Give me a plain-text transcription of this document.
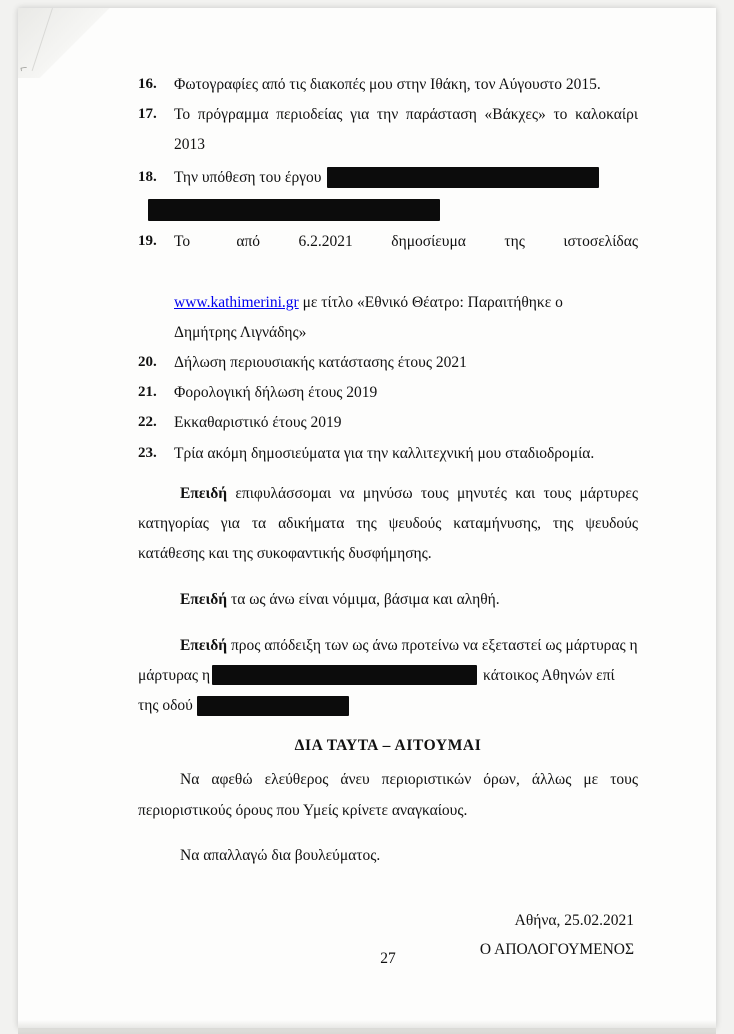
⌐
16. Φωτογραφίες από τις διακοπές μου στην Ιθάκη, τον Αύγουστο 2015.
17. Το πρόγραμμα περιοδείας για την παράσταση «Βάκχες» το καλοκαίρι 2013
18. Την υπόθεση του έργου
19. Το      από     6.2.2021     δημοσίευμα     της     ιστοσελίδας
www.kathimerini.gr με τίτλο «Εθνικό Θέατρο: Παραιτήθηκε ο
Δημήτρης Λιγνάδης»
20. Δήλωση περιουσιακής κατάστασης έτους 2021
21. Φορολογική δήλωση έτους 2019
22. Εκκαθαριστικό έτους 2019
23. Τρία ακόμη δημοσιεύματα για την καλλιτεχνική μου σταδιοδρομία.

Επειδή επιφυλάσσομαι να μηνύσω τους μηνυτές και τους μάρτυρες κατηγορίας για τα αδικήματα της ψευδούς καταμήνυσης, της ψευδούς κατάθεσης και της συκοφαντικής δυσφήμησης.

Επειδή τα ως άνω είναι νόμιμα, βάσιμα και αληθή.

Επειδή προς απόδειξη των ως άνω προτείνω να εξεταστεί ως μάρτυρας η
μάρτυρας η	κάτοικος Αθηνών επί
της οδού

ΔΙΑ ΤΑΥΤΑ – ΑΙΤΟΥΜΑΙ

Να αφεθώ ελεύθερος άνευ περιοριστικών όρων, άλλως με τους περιοριστικούς όρους που Υμείς κρίνετε αναγκαίους.

Να απαλλαγώ δια βουλεύματος.

Αθήνα, 25.02.2021
Ο ΑΠΟΛΟΓΟΥΜΕΝΟΣ
27
